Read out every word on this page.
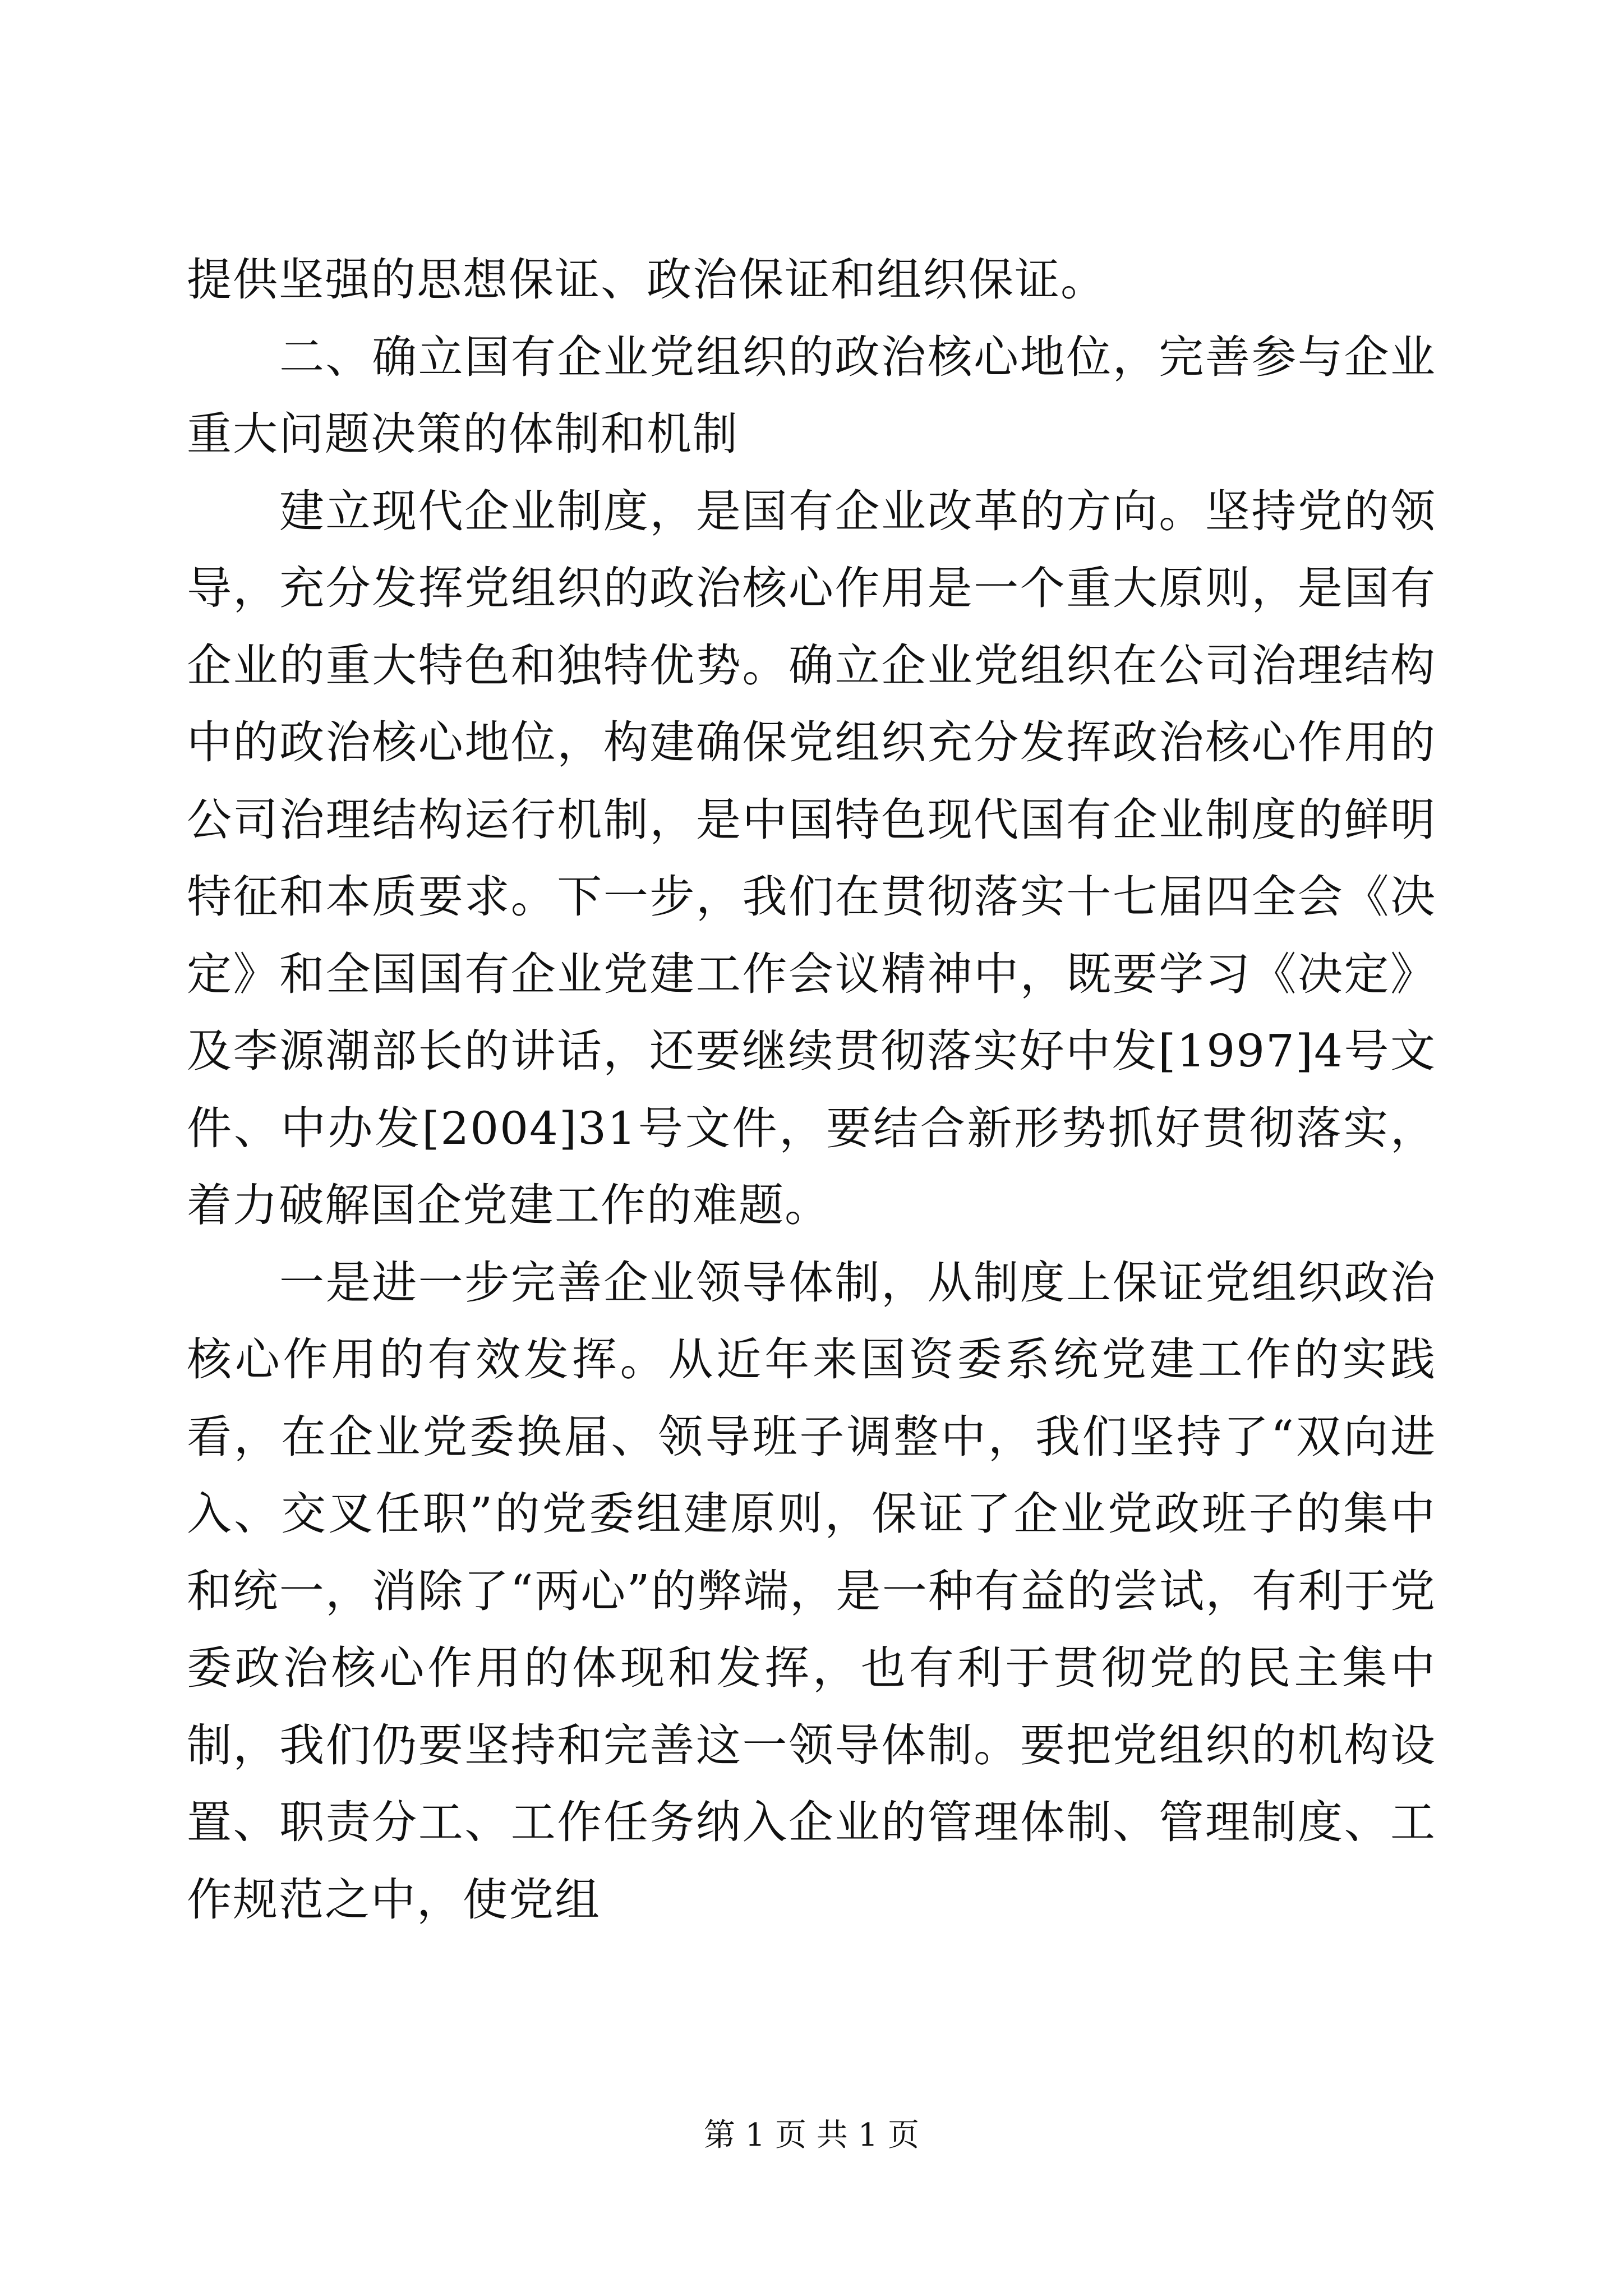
提供坚强的思想保证、政治保证和组织保证。

二、确立国有企业党组织的政治核心地位，完善参与企业重大问题决策的体制和机制

建立现代企业制度，是国有企业改革的方向。坚持党的领导，充分发挥党组织的政治核心作用是一个重大原则，是国有企业的重大特色和独特优势。确立企业党组织在公司治理结构中的政治核心地位，构建确保党组织充分发挥政治核心作用的公司治理结构运行机制，是中国特色现代国有企业制度的鲜明特征和本质要求。下一步，我们在贯彻落实十七届四全会《决定》和全国国有企业党建工作会议精神中，既要学习《决定》及李源潮部长的讲话，还要继续贯彻落实好中发[1997]4号文件、中办发[2004]31号文件，要结合新形势抓好贯彻落实，着力破解国企党建工作的难题。

一是进一步完善企业领导体制，从制度上保证党组织政治核心作用的有效发挥。从近年来国资委系统党建工作的实践看，在企业党委换届、领导班子调整中，我们坚持了“双向进入、交叉任职”的党委组建原则，保证了企业党政班子的集中和统一，消除了“两心”的弊端，是一种有益的尝试，有利于党委政治核心作用的体现和发挥，也有利于贯彻党的民主集中制，我们仍要坚持和完善这一领导体制。要把党组织的机构设置、职责分工、工作任务纳入企业的管理体制、管理制度、工作规范之中，使党组

第 1 页 共 1 页
